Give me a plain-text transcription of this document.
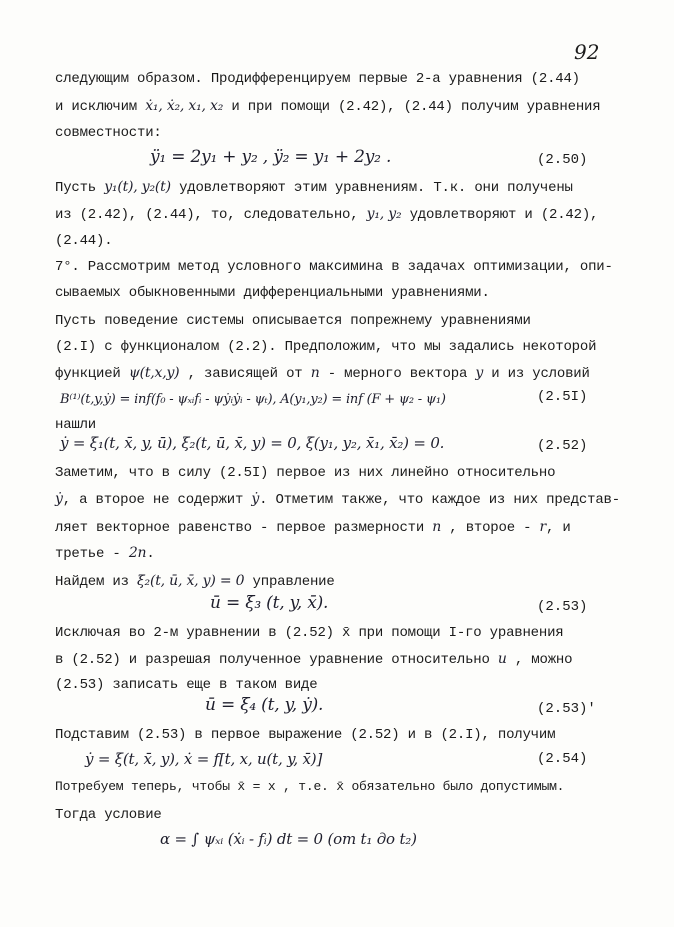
92
следующим образом. Продифференцируем первые 2-а уравнения (2.44)
и исключим ẋ₁, ẋ₂, x₁, x₂ и при помощи (2.42), (2.44) получим уравнения
совместности:
ÿ₁ = 2y₁ + y₂ , ÿ₂ = y₁ + 2y₂ .	(2.50)
Пусть y₁(t), y₂(t) удовлетворяют этим уравнениям. Т.к. они получены
из (2.42), (2.44), то, следовательно, y₁, y₂ удовлетворяют и (2.42),
(2.44).
7°. Рассмотрим метод условного максимина в задачах оптимизации, опи-
сываемых обыкновенными дифференциальными уравнениями.
Пусть поведение системы описывается попрежнему уравнениями
(2.I) с функционалом (2.2). Предположим, что мы задались некоторой
функцией ψ(t,x,y) , зависящей от n - мерного вектора y и из условий
B⁽¹⁾(t,y,ẏ) = inf(f₀ - ψₓᵢfᵢ - ψẏᵢẏᵢ - ψₜ), A(y₁,y₂) = inf (F + ψ₂ - ψ₁)	(2.5I)
нашли
ẏ = ξ₁(t, x̄, y, ū), ξ₂(t, ū, x̄, y) = 0, ξ(y₁, y₂, x̄₁, x̄₂) = 0.	(2.52)
Заметим, что в силу (2.5I) первое из них линейно относительно
ẏ, а второе не содержит ẏ. Отметим также, что каждое из них представ-
ляет векторное равенство - первое размерности n , второе - r, и
третье - 2n.
Найдем из ξ₂(t, ū, x̄, y) = 0 управление
ū = ξ₃ (t, y, x̄).	(2.53)
Исключая во 2-м уравнении в (2.52) x̄ при помощи I-го уравнения
в (2.52) и разрешая полученное уравнение относительно u , можно
(2.53) записать еще в таком виде
ū = ξ₄ (t, y, ẏ).	(2.53)'
Подставим (2.53) в первое выражение (2.52) и в (2.I), получим
ẏ = ξ(t, x̄, y), ẋ = f[t, x, u(t, y, x̄)]	(2.54)
Потребуем теперь, чтобы x̄ = x , т.е. x̄ обязательно было допустимым.
Тогда условие
α = ∫ ψₓᵢ (ẋᵢ - fᵢ) dt = 0 (от t₁ до t₂)
